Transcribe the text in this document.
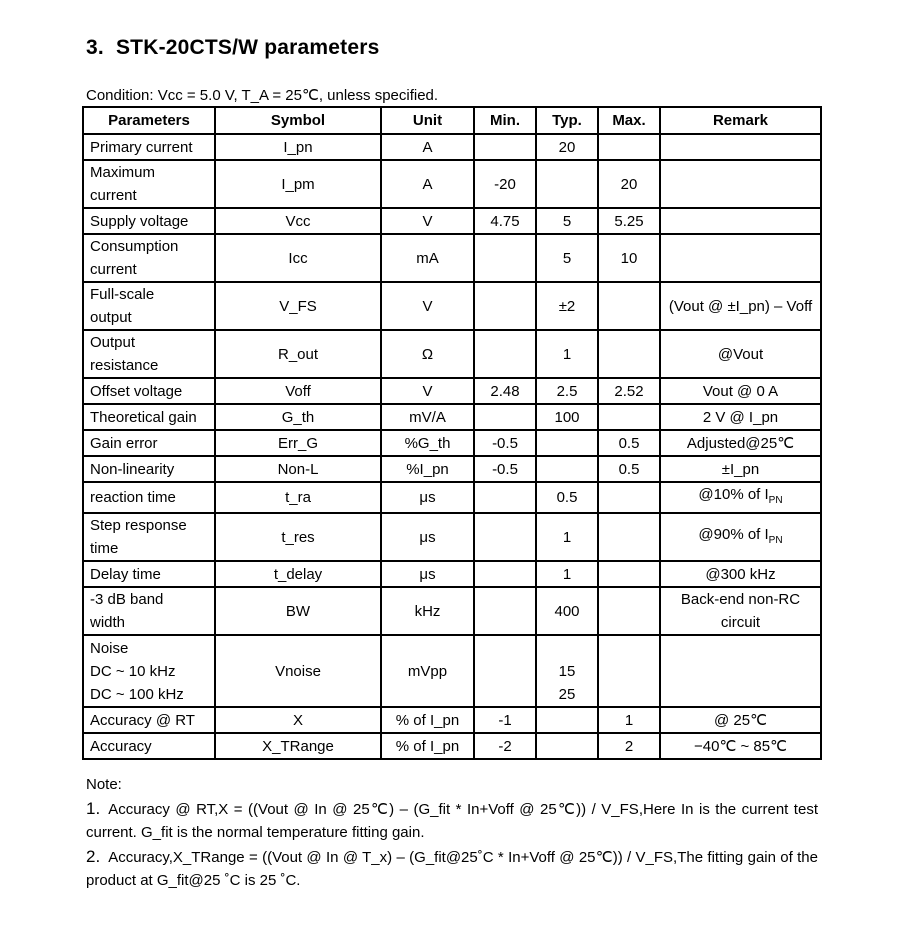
3. STK-20CTS/W parameters
Condition: Vcc = 5.0 V, T_A = 25℃, unless specified.
Parameters	Symbol	Unit	Min.	Typ.	Max.	Remark

Primary current	I_pn	A		20		

Maximum
current	I_pm	A	-20		20	

Supply voltage	Vcc	V	4.75	5	5.25	

Consumption
current	Icc	mA		5	10	

Full-scale
output	V_FS	V		±2		(Vout @ ±I_pn) – Voff

Output
resistance	R_out	Ω		1		@Vout

Offset voltage	Voff	V	2.48	2.5	2.52	Vout @ 0 A

Theoretical gain	G_th	mV/A		100		2 V @ I_pn

Gain error	Err_G	%G_th	-0.5		0.5	Adjusted@25℃

Non-linearity	Non-L	%I_pn	-0.5		0.5	±I_pn

reaction time	t_ra	μs		0.5		@10% of $I_{PN}$

Step response
time	t_res	μs		1		@90% of $I_{PN}$

Delay time	t_delay	μs		1		@300 kHz

-3 dB band
width	BW	kHz		400		Back-end non-RC circuit

Noise
DC ~ 10 kHz
DC ~ 100 kHz	Vnoise	mVpp		15
25		

Accuracy @ RT	X	% of I_pn	-1		1	@ 25℃

Accuracy	X_TRange	% of I_pn	-2		2	−40℃ ~ 85℃

Note:

1. Accuracy @ RT,X = ((Vout @ In @ 25℃) – (G_fit * In+Voff @ 25℃)) / V_FS,Here In is the current test current. G_fit is the normal temperature fitting gain.

2. Accuracy,X_TRange = ((Vout @ In @ T_x) – (G_fit@25˚C * In+Voff @ 25℃)) / V_FS,The fitting gain of the product at G_fit@25 ˚C is 25 ˚C.
